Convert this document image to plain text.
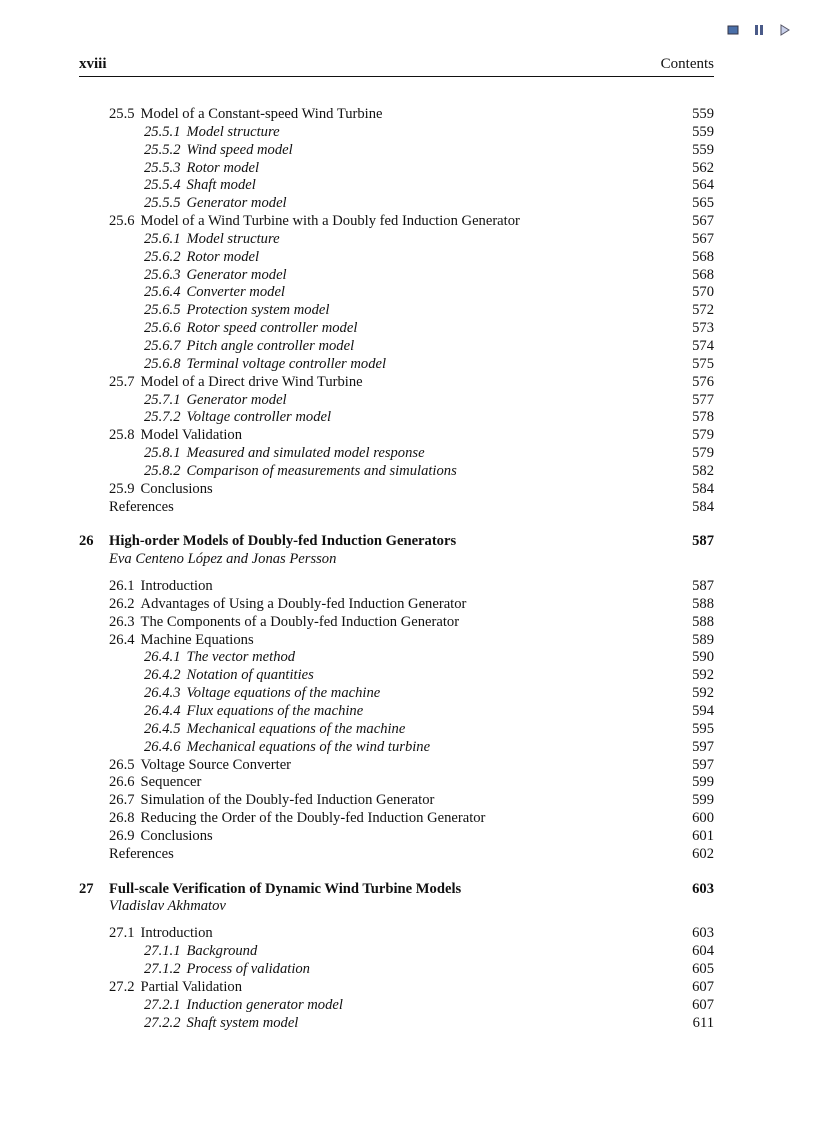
xviii	Contents
25.5 Model of a Constant-speed Wind Turbine	559
25.5.1 Model structure	559
25.5.2 Wind speed model	559
25.5.3 Rotor model	562
25.5.4 Shaft model	564
25.5.5 Generator model	565
25.6 Model of a Wind Turbine with a Doubly fed Induction Generator	567
25.6.1 Model structure	567
25.6.2 Rotor model	568
25.6.3 Generator model	568
25.6.4 Converter model	570
25.6.5 Protection system model	572
25.6.6 Rotor speed controller model	573
25.6.7 Pitch angle controller model	574
25.6.8 Terminal voltage controller model	575
25.7 Model of a Direct drive Wind Turbine	576
25.7.1 Generator model	577
25.7.2 Voltage controller model	578
25.8 Model Validation	579
25.8.1 Measured and simulated model response	579
25.8.2 Comparison of measurements and simulations	582
25.9 Conclusions	584
References	584
26 High-order Models of Doubly-fed Induction Generators	587
Eva Centeno López and Jonas Persson
26.1 Introduction	587
26.2 Advantages of Using a Doubly-fed Induction Generator	588
26.3 The Components of a Doubly-fed Induction Generator	588
26.4 Machine Equations	589
26.4.1 The vector method	590
26.4.2 Notation of quantities	592
26.4.3 Voltage equations of the machine	592
26.4.4 Flux equations of the machine	594
26.4.5 Mechanical equations of the machine	595
26.4.6 Mechanical equations of the wind turbine	597
26.5 Voltage Source Converter	597
26.6 Sequencer	599
26.7 Simulation of the Doubly-fed Induction Generator	599
26.8 Reducing the Order of the Doubly-fed Induction Generator	600
26.9 Conclusions	601
References	602
27 Full-scale Verification of Dynamic Wind Turbine Models	603
Vladislav Akhmatov
27.1 Introduction	603
27.1.1 Background	604
27.1.2 Process of validation	605
27.2 Partial Validation	607
27.2.1 Induction generator model	607
27.2.2 Shaft system model	611
